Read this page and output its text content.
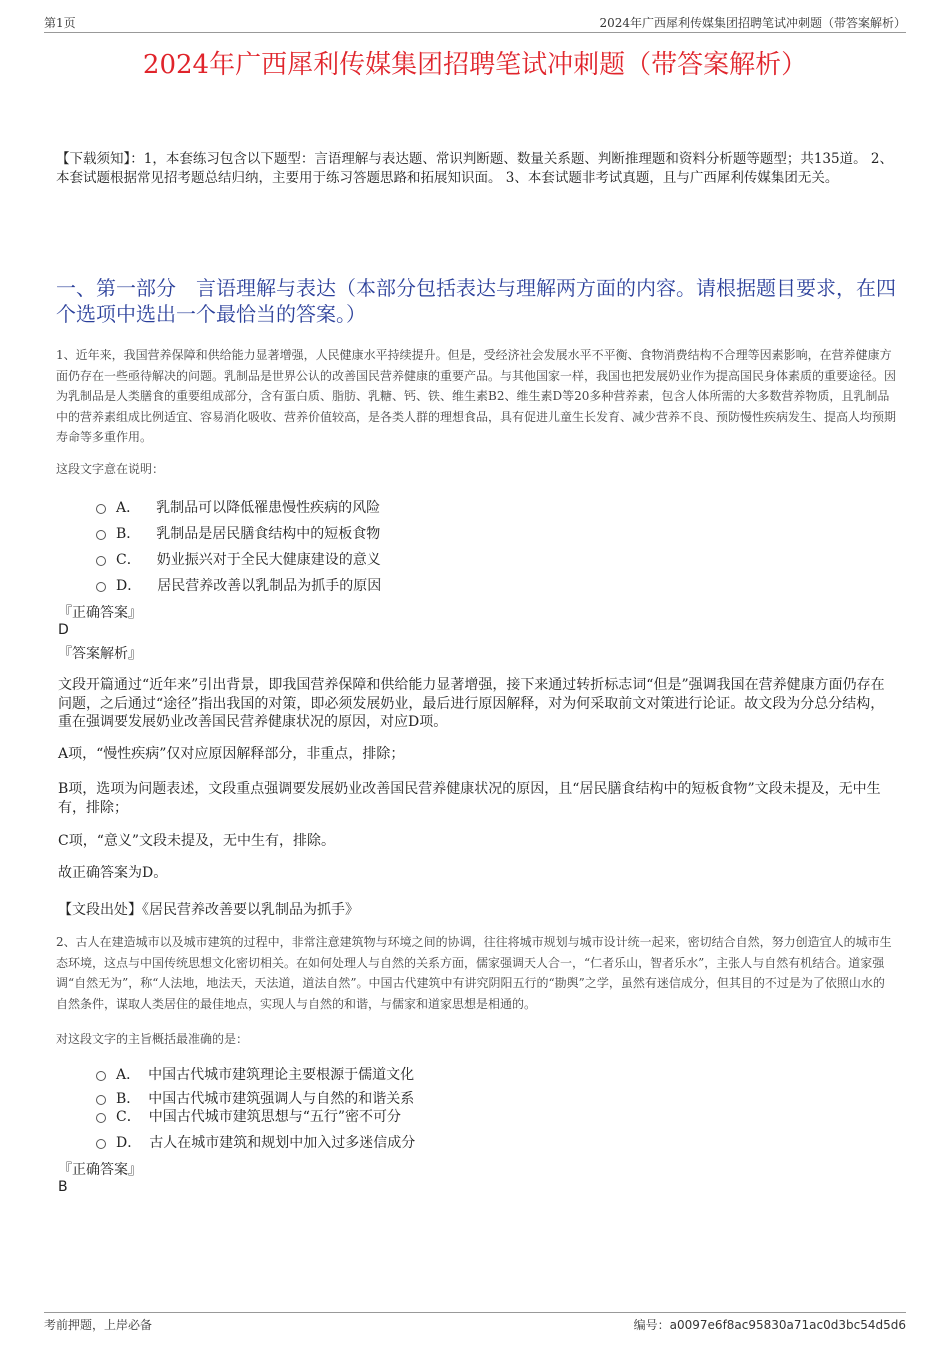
第1页	2024年广西犀利传媒集团招聘笔试冲刺题（带答案解析）
2024年广西犀利传媒集团招聘笔试冲刺题（带答案解析）
【下载须知】：1，本套练习包含以下题型：言语理解与表达题、常识判断题、数量关系题、判断推理题和资料分析题等题型；共135道。 2、本套试题根据常见招考题总结归纳，主要用于练习答题思路和拓展知识面。 3、本套试题非考试真题，且与广西犀利传媒集团无关。
一、第一部分　言语理解与表达（本部分包括表达与理解两方面的内容。请根据题目要求，在四个选项中选出一个最恰当的答案。）

1、近年来，我国营养保障和供给能力显著增强，人民健康水平持续提升。但是，受经济社会发展水平不平衡、食物消费结构不合理等因素影响，在营养健康方面仍存在一些亟待解决的问题。乳制品是世界公认的改善国民营养健康的重要产品。与其他国家一样，我国也把发展奶业作为提高国民身体素质的重要途径。因为乳制品是人类膳食的重要组成部分，含有蛋白质、脂肪、乳糖、钙、铁、维生素B2、维生素D等20多种营养素，包含人体所需的大多数营养物质，且乳制品中的营养素组成比例适宜、容易消化吸收、营养价值较高，是各类人群的理想食品，具有促进儿童生长发育、减少营养不良、预防慢性疾病发生、提高人均预期寿命等多重作用。

这段文字意在说明：

A． 乳制品可以降低罹患慢性疾病的风险
B． 乳制品是居民膳食结构中的短板食物
C． 奶业振兴对于全民大健康建设的意义
D． 居民营养改善以乳制品为抓手的原因
『正确答案』
D
『答案解析』

文段开篇通过“近年来”引出背景，即我国营养保障和供给能力显著增强，接下来通过转折标志词“但是”强调我国在营养健康方面仍存在问题，之后通过“途径”指出我国的对策，即必须发展奶业，最后进行原因解释，对为何采取前文对策进行论证。故文段为分总分结构，重在强调要发展奶业改善国民营养健康状况的原因，对应D项。

A项，“慢性疾病”仅对应原因解释部分，非重点，排除；

B项，选项为问题表述，文段重点强调要发展奶业改善国民营养健康状况的原因，且“居民膳食结构中的短板食物”文段未提及，无中生有，排除；

C项，“意义”文段未提及，无中生有，排除。

故正确答案为D。

【文段出处】《居民营养改善要以乳制品为抓手》

2、古人在建造城市以及城市建筑的过程中，非常注意建筑物与环境之间的协调，往往将城市规划与城市设计统一起来，密切结合自然，努力创造宜人的城市生态环境，这点与中国传统思想文化密切相关。在如何处理人与自然的关系方面，儒家强调天人合一，“仁者乐山，智者乐水”，主张人与自然有机结合。道家强调“自然无为”，称“人法地，地法天，天法道，道法自然”。中国古代建筑中有讲究阴阳五行的“勘舆”之学，虽然有迷信成分，但其目的不过是为了依照山水的自然条件，谋取人类居住的最佳地点，实现人与自然的和谐，与儒家和道家思想是相通的。

对这段文字的主旨概括最准确的是：

A． 中国古代城市建筑理论主要根源于儒道文化
B． 中国古代城市建筑强调人与自然的和谐关系
C． 中国古代城市建筑思想与“五行”密不可分
D． 古人在城市建筑和规划中加入过多迷信成分
『正确答案』
B
考前押题，上岸必备	编号：a0097e6f8ac95830a71ac0d3bc54d5d6
